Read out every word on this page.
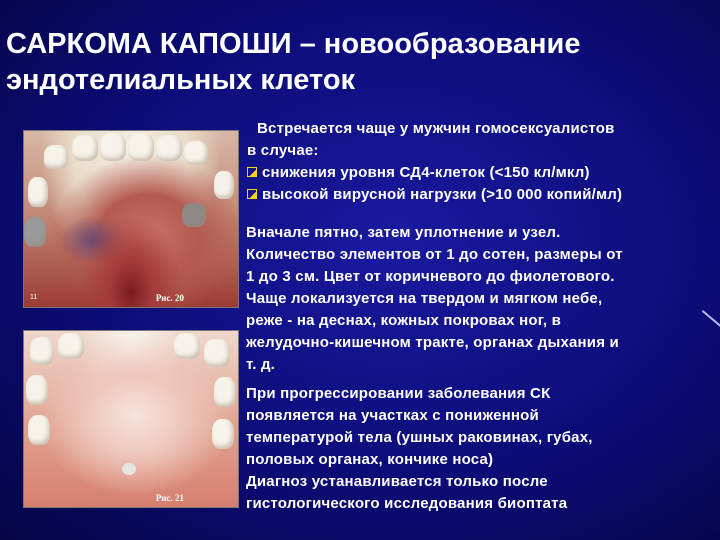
САРКОМА КАПОШИ – новообразование
эндотелиальных клеток
11	Рис. 20
Рис. 21
Встречается чаще у мужчин гомосексуалистов
в случае:
снижения уровня СД4-клеток (<150 кл/мкл)
высокой вирусной нагрузки (>10 000 копий/мл)
Вначале пятно, затем уплотнение и узел.
Количество элементов от 1 до сотен, размеры от
1 до 3 см. Цвет от коричневого до фиолетового.
Чаще локализуется на твердом и мягком небе,
реже - на деснах, кожных покровах ног, в
желудочно-кишечном тракте, органах дыхания и
т. д.
При прогрессировании заболевания СК
появляется на участках с пониженной
температурой тела (ушных раковинах, губах,
половых органах, кончике носа)
Диагноз устанавливается только после
гистологического исследования биоптата
